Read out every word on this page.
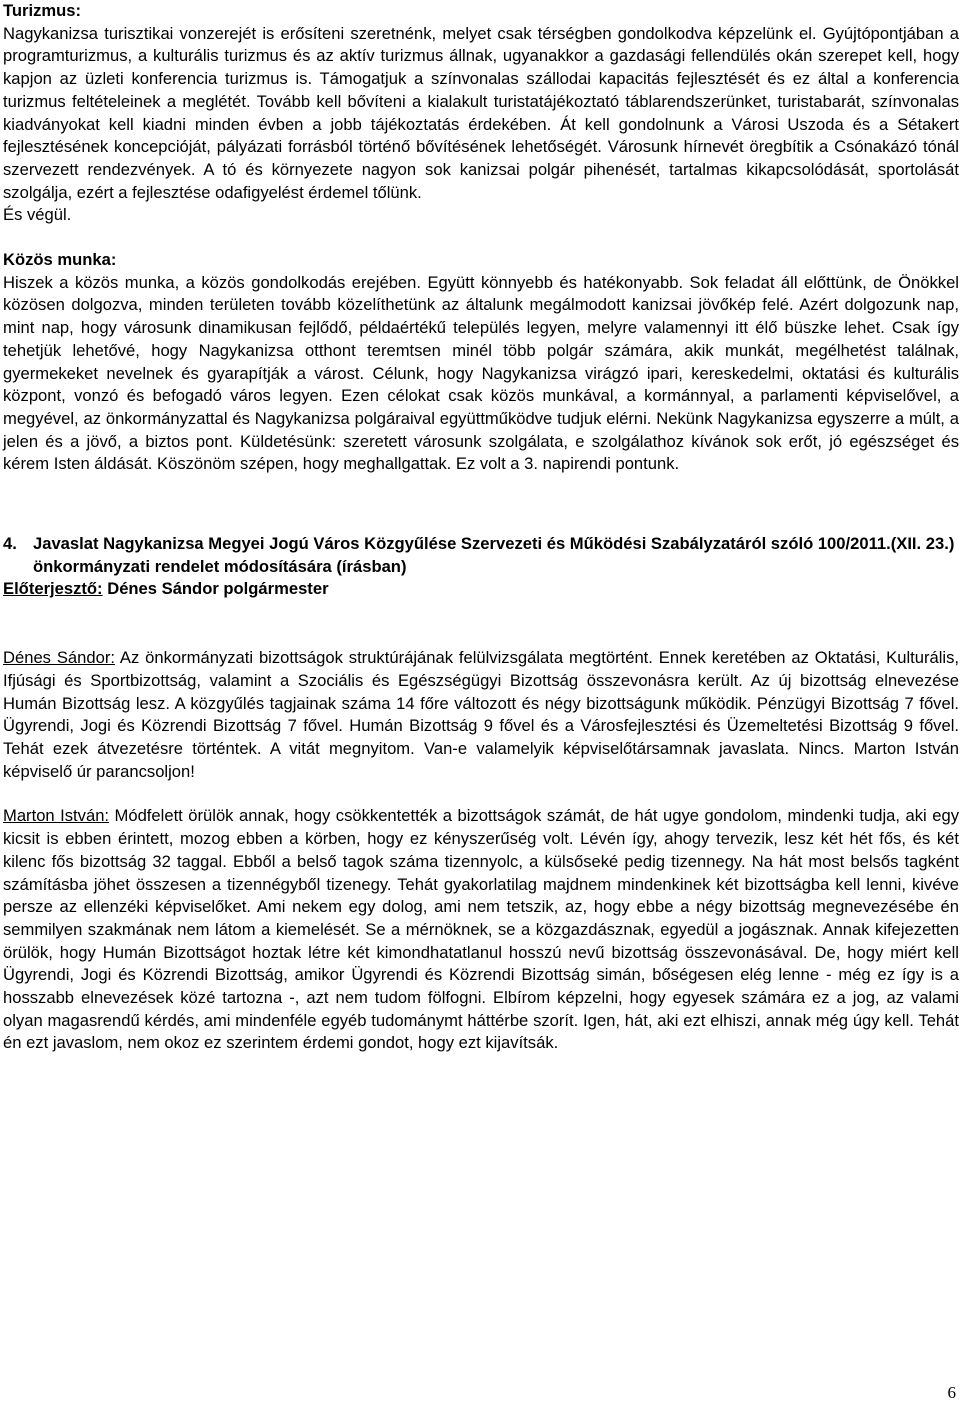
Turizmus:

Nagykanizsa turisztikai vonzerejét is erősíteni szeretnénk, melyet csak térségben gondolkodva képzelünk el. Gyújtópontjában a programturizmus, a kulturális turizmus és az aktív turizmus állnak, ugyanakkor a gazdasági fellendülés okán szerepet kell, hogy kapjon az üzleti konferencia turizmus is. Támogatjuk a színvonalas szállodai kapacitás fejlesztését és ez által a konferencia turizmus feltételeinek a meglétét. Tovább kell bővíteni a kialakult turistatájékoztató táblarendszerünket, turistabarát, színvonalas kiadványokat kell kiadni minden évben a jobb tájékoztatás érdekében. Át kell gondolnunk a Városi Uszoda és a Sétakert fejlesztésének koncepcióját, pályázati forrásból történő bővítésének lehetőségét. Városunk hírnevét öregbítik a Csónakázó tónál szervezett rendezvények. A tó és környezete nagyon sok kanizsai polgár pihenését, tartalmas kikapcsolódását, sportolását szolgálja, ezért a fejlesztése odafigyelést érdemel tőlünk.

És végül.

Közös munka:

Hiszek a közös munka, a közös gondolkodás erejében. Együtt könnyebb és hatékonyabb. Sok feladat áll előttünk, de Önökkel közösen dolgozva, minden területen tovább közelíthetünk az általunk megálmodott kanizsai jövőkép felé. Azért dolgozunk nap, mint nap, hogy városunk dinamikusan fejlődő, példaértékű település legyen, melyre valamennyi itt élő büszke lehet. Csak így tehetjük lehetővé, hogy Nagykanizsa otthont teremtsen minél több polgár számára, akik munkát, megélhetést találnak, gyermekeket nevelnek és gyarapítják a várost. Célunk, hogy Nagykanizsa virágzó ipari, kereskedelmi, oktatási és kulturális központ, vonzó és befogadó város legyen. Ezen célokat csak közös munkával, a kormánnyal, a parlamenti képviselővel, a megyével, az önkormányzattal és Nagykanizsa polgáraival együttműködve tudjuk elérni. Nekünk Nagykanizsa egyszerre a múlt, a jelen és a jövő, a biztos pont. Küldetésünk: szeretett városunk szolgálata, e szolgálathoz kívánok sok erőt, jó egészséget és kérem Isten áldását. Köszönöm szépen, hogy meghallgattak. Ez volt a 3. napirendi pontunk.

4. Javaslat Nagykanizsa Megyei Jogú Város Közgyűlése Szervezeti és Működési Szabályzatáról szóló 100/2011.(XII. 23.) önkormányzati rendelet módosítására (írásban)
Előterjesztő: Dénes Sándor polgármester

Dénes Sándor: Az önkormányzati bizottságok struktúrájának felülvizsgálata megtörtént. Ennek keretében az Oktatási, Kulturális, Ifjúsági és Sportbizottság, valamint a Szociális és Egészségügyi Bizottság összevonásra került. Az új bizottság elnevezése Humán Bizottság lesz. A közgyűlés tagjainak száma 14 főre változott és négy bizottságunk működik. Pénzügyi Bizottság 7 fővel. Ügyrendi, Jogi és Közrendi Bizottság 7 fővel. Humán Bizottság 9 fővel és a Városfejlesztési és Üzemeltetési Bizottság 9 fővel. Tehát ezek átvezetésre történtek. A vitát megnyitom. Van-e valamelyik képviselőtársamnak javaslata. Nincs. Marton István képviselő úr parancsoljon!

Marton István: Módfelett örülök annak, hogy csökkentették a bizottságok számát, de hát ugye gondolom, mindenki tudja, aki egy kicsit is ebben érintett, mozog ebben a körben, hogy ez kényszerűség volt. Lévén így, ahogy tervezik, lesz két hét fős, és két kilenc fős bizottság 32 taggal. Ebből a belső tagok száma tizennyolc, a külsőseké pedig tizennegy. Na hát most belsős tagként számításba jöhet összesen a tizennégyből tizenegy. Tehát gyakorlatilag majdnem mindenkinek két bizottságba kell lenni, kivéve persze az ellenzéki képviselőket. Ami nekem egy dolog, ami nem tetszik, az, hogy ebbe a négy bizottság megnevezésébe én semmilyen szakmának nem látom a kiemelését. Se a mérnöknek, se a közgazdásznak, egyedül a jogásznak. Annak kifejezetten örülök, hogy Humán Bizottságot hoztak létre két kimondhatatlanul hosszú nevű bizottság összevonásával. De, hogy miért kell Ügyrendi, Jogi és Közrendi Bizottság, amikor Ügyrendi és Közrendi Bizottság simán, bőségesen elég lenne - még ez így is a hosszabb elnevezések közé tartozna -, azt nem tudom fölfogni. Elbírom képzelni, hogy egyesek számára ez a jog, az valami olyan magasrendű kérdés, ami mindenféle egyéb tudománymt háttérbe szorít. Igen, hát, aki ezt elhiszi, annak még úgy kell. Tehát én ezt javaslom, nem okoz ez szerintem érdemi gondot, hogy ezt kijavítsák.

6
